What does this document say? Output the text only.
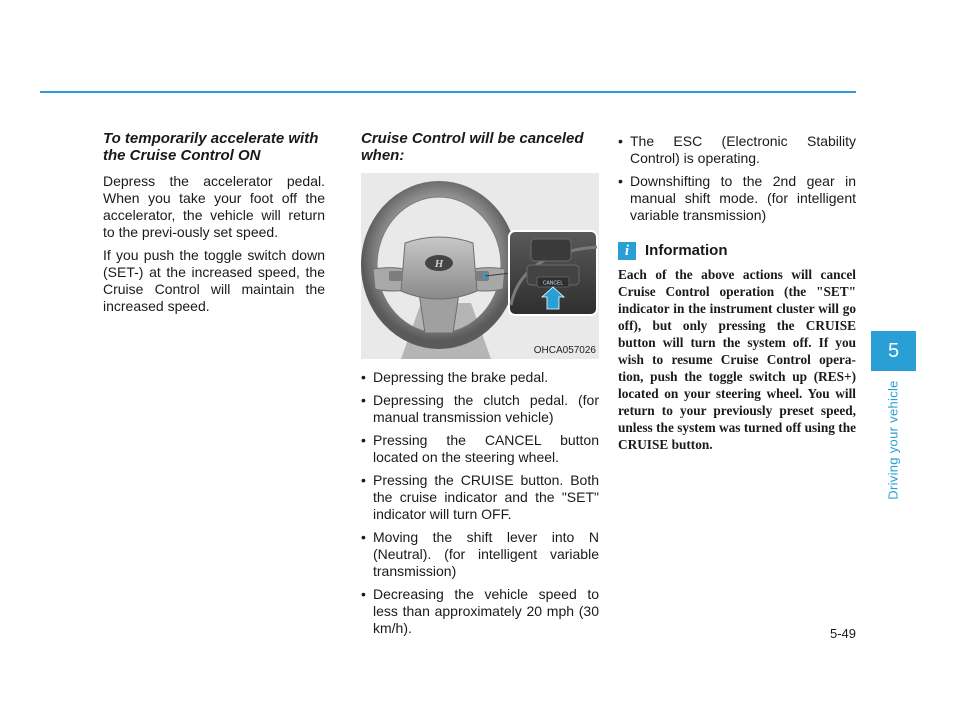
To temporarily accelerate with the Cruise Control ON

Depress the accelerator pedal. When you take your foot off the accelerator, the vehicle will return to the previ-ously set speed.

If you push the toggle switch down (SET-) at the increased speed, the Cruise Control will maintain the increased speed.

Cruise Control will be canceled when:

H
CANCEL
OHCA057026
• Depressing the brake pedal.
• Depressing the clutch pedal. (for manual transmission vehicle)
• Pressing the CANCEL button located on the steering wheel.
• Pressing the CRUISE button. Both the cruise indicator and the "SET" indicator will turn OFF.
• Moving the shift lever into N (Neutral). (for intelligent variable transmission)
• Decreasing the vehicle speed to less than approximately 20 mph (30 km/h).
• The ESC (Electronic Stability Control) is operating.
• Downshifting to the 2nd gear in manual shift mode. (for intelligent variable transmission)
i	Information

Each of the above actions will cancel Cruise Control operation (the "SET" indicator in the instrument cluster will go off), but only pressing the CRUISE button will turn the system off. If you wish to resume Cruise Control opera-tion, push the toggle switch up (RES+) located on your steering wheel. You will return to your previously preset speed, unless the system was turned off using the CRUISE button.

5
Driving your vehicle
5-49
